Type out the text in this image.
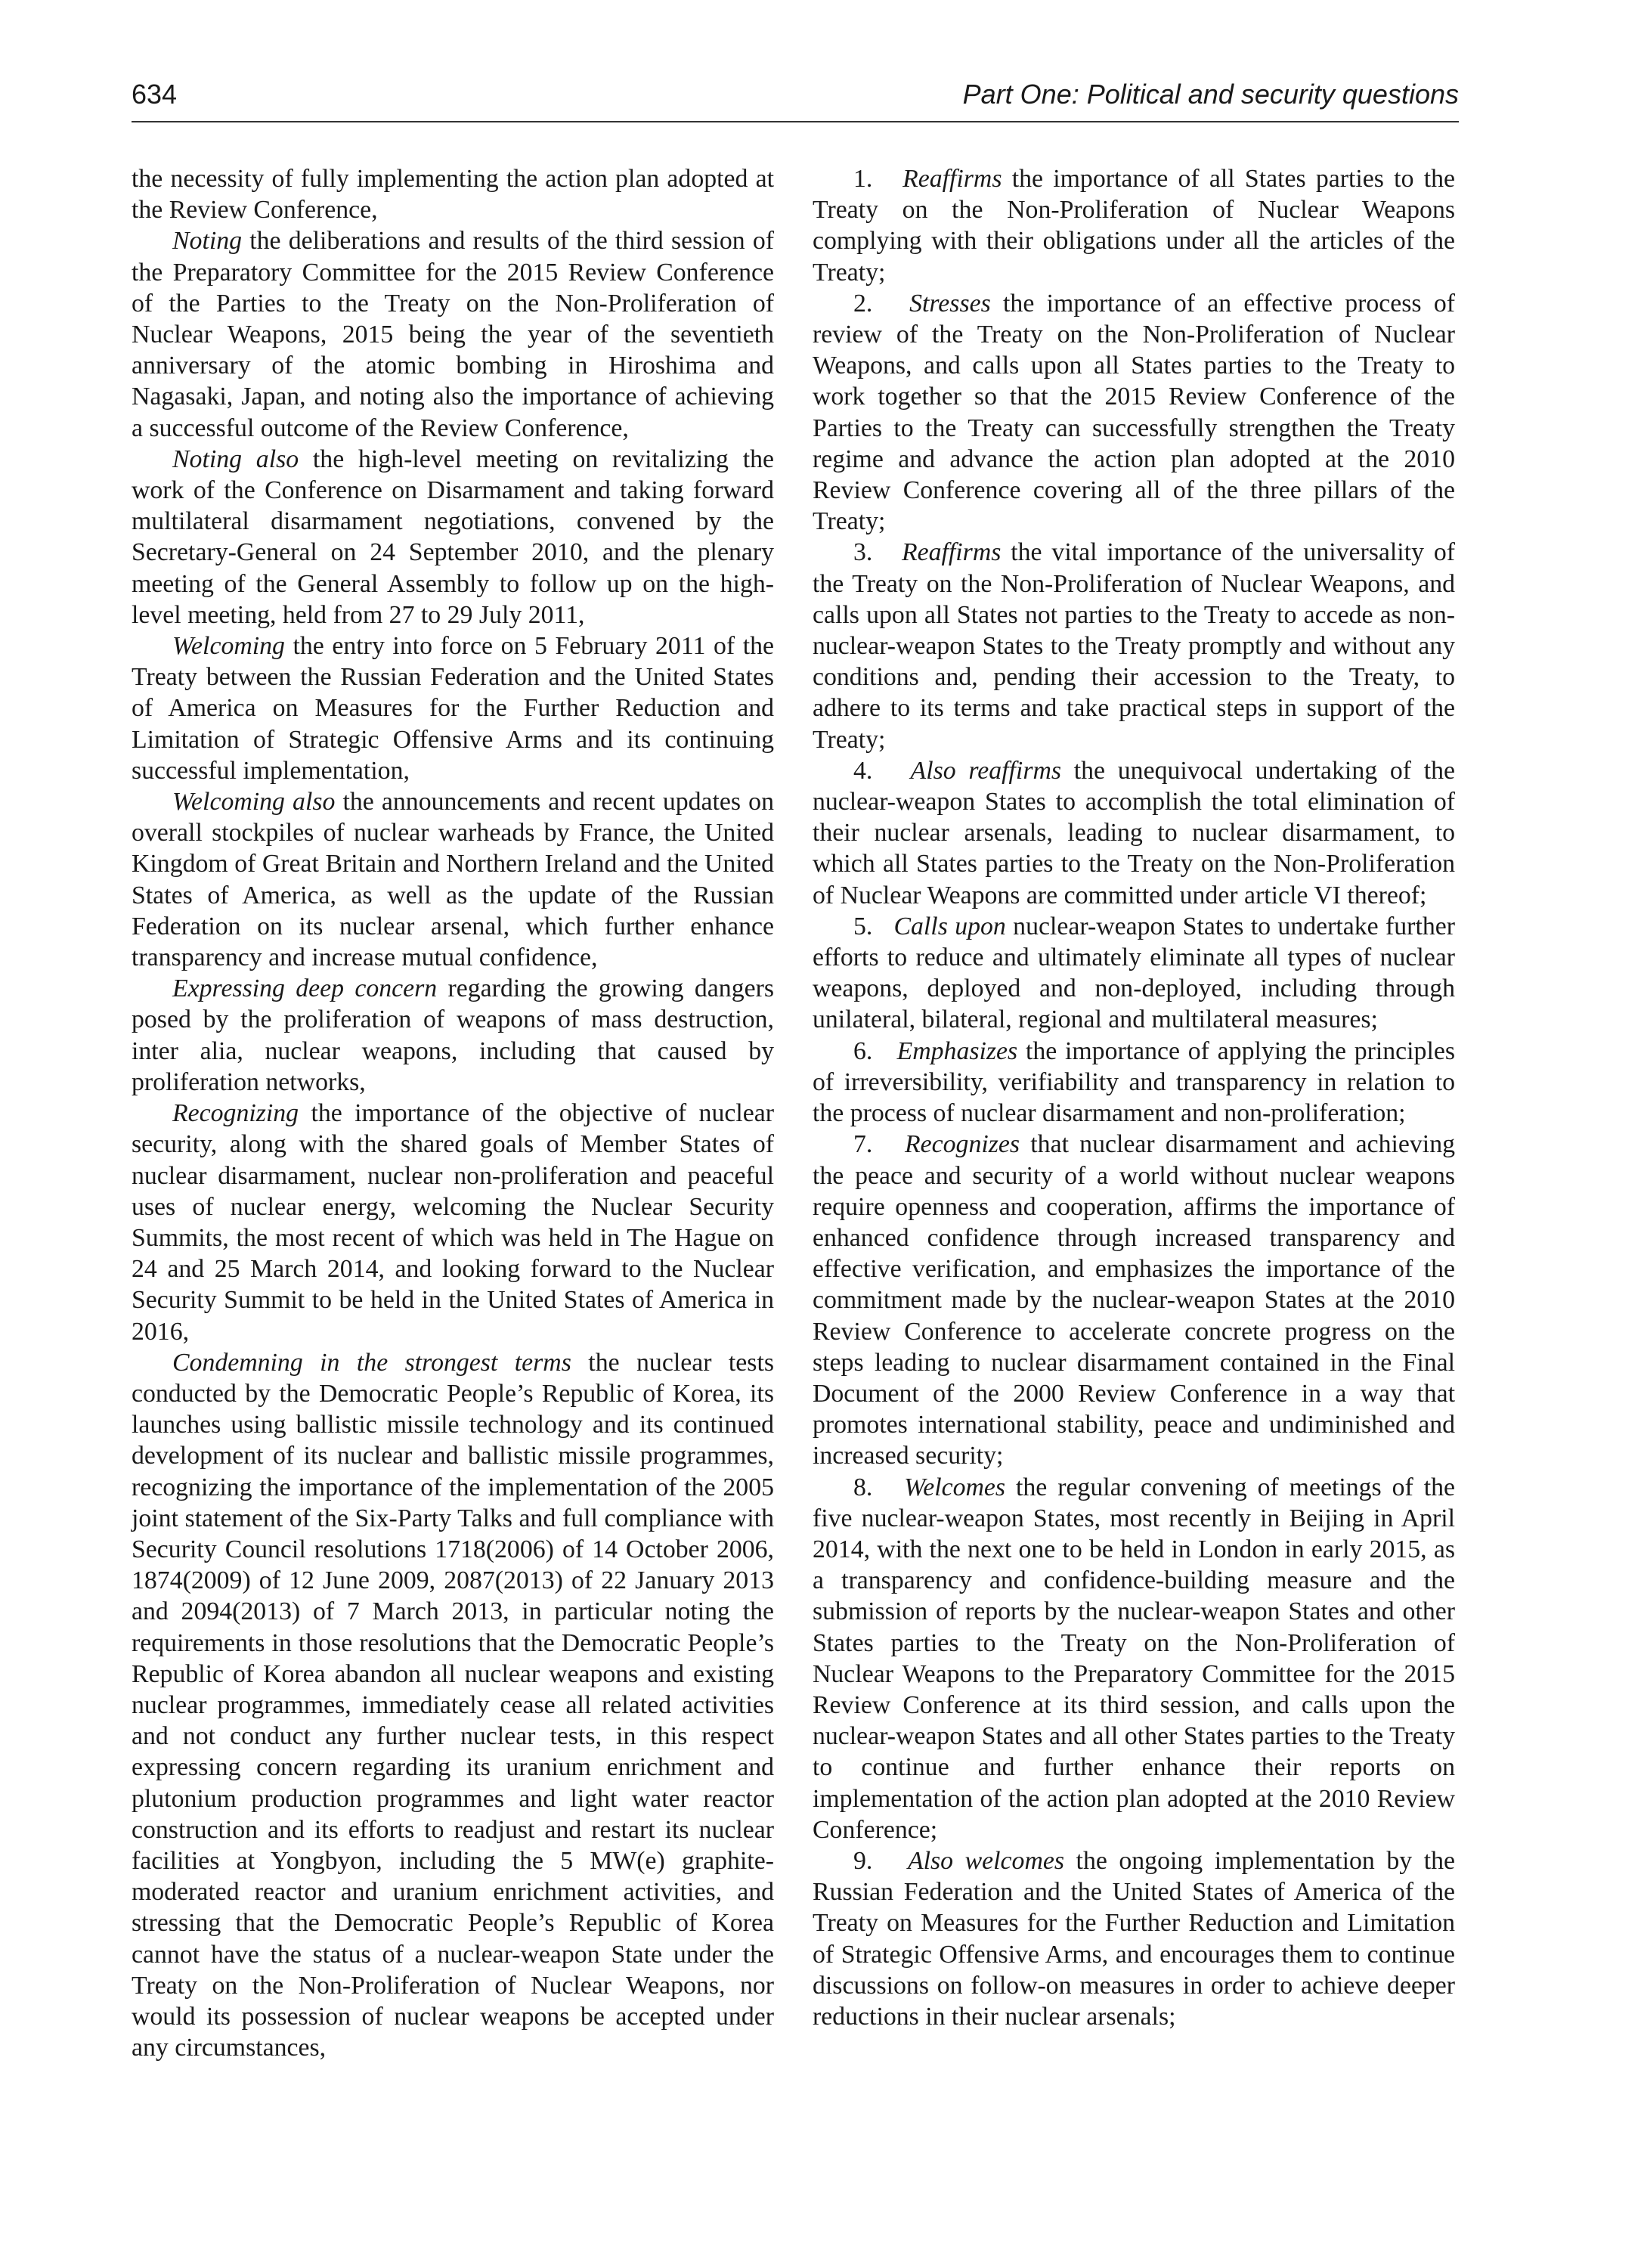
634	Part One: Political and security questions

the necessity of fully implementing the action plan adopted at the Review Conference,

Noting the deliberations and results of the third session of the Preparatory Committee for the 2015 Review Conference of the Parties to the Treaty on the Non-Proliferation of Nuclear Weapons, 2015 being the year of the seventieth anniversary of the atomic bombing in Hiroshima and Nagasaki, Japan, and noting also the importance of achieving a successful outcome of the Review Conference,

Noting also the high-level meeting on revitalizing the work of the Conference on Disarmament and taking forward multilateral disarmament negotiations, convened by the Secretary-General on 24 September 2010, and the plenary meeting of the General Assembly to follow up on the high-level meeting, held from 27 to 29 July 2011,

Welcoming the entry into force on 5 February 2011 of the Treaty between the Russian Federation and the United States of America on Measures for the Further Reduction and Limitation of Strategic Offensive Arms and its continuing successful implementation,

Welcoming also the announcements and recent updates on overall stockpiles of nuclear warheads by France, the United Kingdom of Great Britain and Northern Ireland and the United States of America, as well as the update of the Russian Federation on its nuclear arsenal, which further enhance transparency and increase mutual confidence,

Expressing deep concern regarding the growing dangers posed by the proliferation of weapons of mass destruction, inter alia, nuclear weapons, including that caused by proliferation networks,

Recognizing the importance of the objective of nuclear security, along with the shared goals of Member States of nuclear disarmament, nuclear non-proliferation and peaceful uses of nuclear energy, welcoming the Nuclear Security Summits, the most recent of which was held in The Hague on 24 and 25 March 2014, and looking forward to the Nuclear Security Summit to be held in the United States of America in 2016,

Condemning in the strongest terms the nuclear tests conducted by the Democratic People’s Republic of Korea, its launches using ballistic missile technology and its continued development of its nuclear and ballistic missile programmes, recognizing the importance of the implementation of the 2005 joint statement of the Six-Party Talks and full compliance with Security Council resolutions 1718(2006) of 14 October 2006, 1874(2009) of 12 June 2009, 2087(2013) of 22 January 2013 and 2094(2013) of 7 March 2013, in particular noting the requirements in those resolutions that the Democratic People’s Republic of Korea abandon all nuclear weapons and existing nuclear programmes, immediately cease all related activities and not conduct any further nuclear tests, in this respect expressing concern regarding its uranium enrichment and plutonium production programmes and light water reactor construction and its efforts to readjust and restart its nuclear facilities at Yongbyon, including the 5 MW(e) graphite-moderated reactor and uranium enrichment activities, and stressing that the Democratic People’s Republic of Korea cannot have the status of a nuclear-weapon State under the Treaty on the Non-Proliferation of Nuclear Weapons, nor would its possession of nuclear weapons be accepted under any circumstances,

1. Reaffirms the importance of all States parties to the Treaty on the Non-Proliferation of Nuclear Weapons complying with their obligations under all the articles of the Treaty;

2. Stresses the importance of an effective process of review of the Treaty on the Non-Proliferation of Nuclear Weapons, and calls upon all States parties to the Treaty to work together so that the 2015 Review Conference of the Parties to the Treaty can successfully strengthen the Treaty regime and advance the action plan adopted at the 2010 Review Conference covering all of the three pillars of the Treaty;

3. Reaffirms the vital importance of the universality of the Treaty on the Non-Proliferation of Nuclear Weapons, and calls upon all States not parties to the Treaty to accede as non-nuclear-weapon States to the Treaty promptly and without any conditions and, pending their accession to the Treaty, to adhere to its terms and take practical steps in support of the Treaty;

4. Also reaffirms the unequivocal undertaking of the nuclear-weapon States to accomplish the total elimination of their nuclear arsenals, leading to nuclear disarmament, to which all States parties to the Treaty on the Non-Proliferation of Nuclear Weapons are committed under article VI thereof;

5. Calls upon nuclear-weapon States to undertake further efforts to reduce and ultimately eliminate all types of nuclear weapons, deployed and non-deployed, including through unilateral, bilateral, regional and multilateral measures;

6. Emphasizes the importance of applying the principles of irreversibility, verifiability and transparency in relation to the process of nuclear disarmament and non-proliferation;

7. Recognizes that nuclear disarmament and achieving the peace and security of a world without nuclear weapons require openness and cooperation, affirms the importance of enhanced confidence through increased transparency and effective verification, and emphasizes the importance of the commitment made by the nuclear-weapon States at the 2010 Review Conference to accelerate concrete progress on the steps leading to nuclear disarmament contained in the Final Document of the 2000 Review Conference in a way that promotes international stability, peace and undiminished and increased security;

8. Welcomes the regular convening of meetings of the five nuclear-weapon States, most recently in Beijing in April 2014, with the next one to be held in London in early 2015, as a transparency and confidence-building measure and the submission of reports by the nuclear-weapon States and other States parties to the Treaty on the Non-Proliferation of Nuclear Weapons to the Preparatory Committee for the 2015 Review Conference at its third session, and calls upon the nuclear-weapon States and all other States parties to the Treaty to continue and further enhance their reports on implementation of the action plan adopted at the 2010 Review Conference;

9. Also welcomes the ongoing implementation by the Russian Federation and the United States of America of the Treaty on Measures for the Further Reduction and Limitation of Strategic Offensive Arms, and encourages them to continue discussions on follow-on measures in order to achieve deeper reductions in their nuclear arsenals;
